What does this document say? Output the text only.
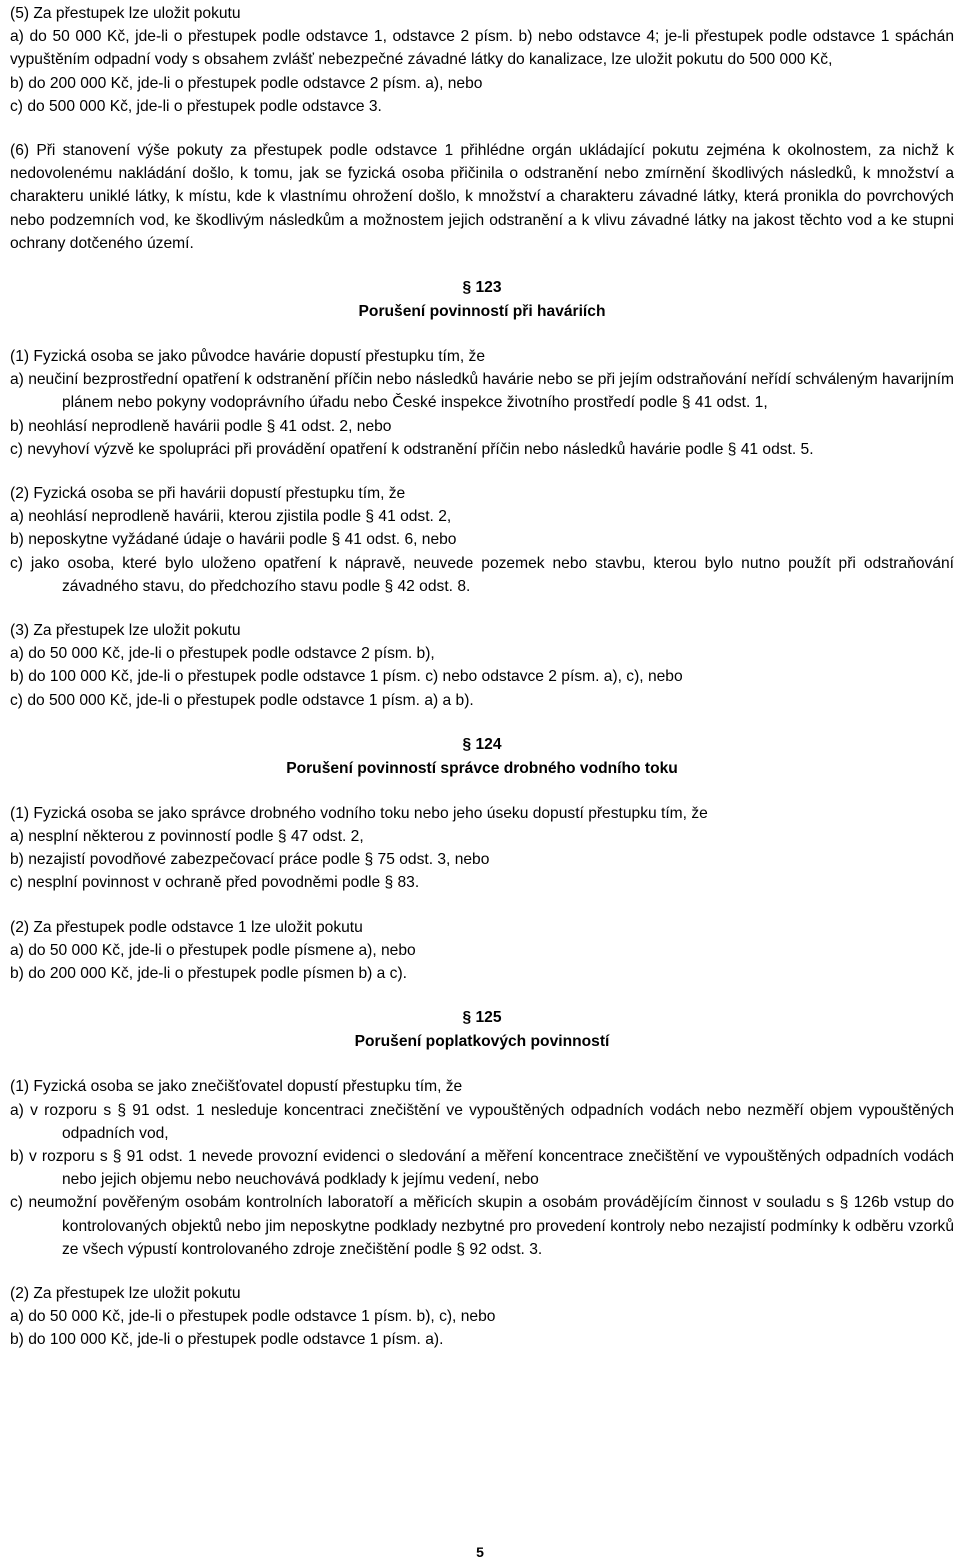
(5) Za přestupek lze uložit pokutu

a) do 50 000 Kč, jde-li o přestupek podle odstavce 1, odstavce 2 písm. b) nebo odstavce 4; je-li přestupek podle odstavce 1 spáchán vypuštěním odpadní vody s obsahem zvlášť nebezpečné závadné látky do kanalizace, lze uložit pokutu do 500 000 Kč,

b) do 200 000 Kč, jde-li o přestupek podle odstavce 2 písm. a), nebo

c) do 500 000 Kč, jde-li o přestupek podle odstavce 3.

(6) Při stanovení výše pokuty za přestupek podle odstavce 1 přihlédne orgán ukládající pokutu zejména k okolnostem, za nichž k nedovolenému nakládání došlo, k tomu, jak se fyzická osoba přičinila o odstranění nebo zmírnění škodlivých následků, k množství a charakteru uniklé látky, k místu, kde k vlastnímu ohrožení došlo, k množství a charakteru závadné látky, která pronikla do povrchových nebo podzemních vod, ke škodlivým následkům a možnostem jejich odstranění a k vlivu závadné látky na jakost těchto vod a ke stupni ochrany dotčeného území.

§ 123

Porušení povinností při haváriích

(1) Fyzická osoba se jako původce havárie dopustí přestupku tím, že

a) neučiní bezprostřední opatření k odstranění příčin nebo následků havárie nebo se při jejím odstraňování neřídí schváleným havarijním plánem nebo pokyny vodoprávního úřadu nebo České inspekce životního prostředí podle § 41 odst. 1,

b) neohlásí neprodleně havárii podle § 41 odst. 2, nebo

c) nevyhoví výzvě ke spolupráci při provádění opatření k odstranění příčin nebo následků havárie podle § 41 odst. 5.

(2) Fyzická osoba se při havárii dopustí přestupku tím, že

a) neohlásí neprodleně havárii, kterou zjistila podle § 41 odst. 2,

b) neposkytne vyžádané údaje o havárii podle § 41 odst. 6, nebo

c) jako osoba, které bylo uloženo opatření k nápravě, neuvede pozemek nebo stavbu, kterou bylo nutno použít při odstraňování závadného stavu, do předchozího stavu podle § 42 odst. 8.

(3) Za přestupek lze uložit pokutu

a) do 50 000 Kč, jde-li o přestupek podle odstavce 2 písm. b),

b) do 100 000 Kč, jde-li o přestupek podle odstavce 1 písm. c) nebo odstavce 2 písm. a), c), nebo

c) do 500 000 Kč, jde-li o přestupek podle odstavce 1 písm. a) a b).

§ 124

Porušení povinností správce drobného vodního toku

(1) Fyzická osoba se jako správce drobného vodního toku nebo jeho úseku dopustí přestupku tím, že

a) nesplní některou z povinností podle § 47 odst. 2,

b) nezajistí povodňové zabezpečovací práce podle § 75 odst. 3, nebo

c) nesplní povinnost v ochraně před povodněmi podle § 83.

(2) Za přestupek podle odstavce 1 lze uložit pokutu

a) do 50 000 Kč, jde-li o přestupek podle písmene a), nebo

b) do 200 000 Kč, jde-li o přestupek podle písmen b) a c).

§ 125

Porušení poplatkových povinností

(1) Fyzická osoba se jako znečišťovatel dopustí přestupku tím, že

a) v rozporu s § 91 odst. 1 nesleduje koncentraci znečištění ve vypouštěných odpadních vodách nebo nezměří objem vypouštěných odpadních vod,

b) v rozporu s § 91 odst. 1 nevede provozní evidenci o sledování a měření koncentrace znečištění ve vypouštěných odpadních vodách nebo jejich objemu nebo neuchovává podklady k jejímu vedení, nebo

c) neumožní pověřeným osobám kontrolních laboratoří a měřicích skupin a osobám provádějícím činnost v souladu s § 126b vstup do kontrolovaných objektů nebo jim neposkytne podklady nezbytné pro provedení kontroly nebo nezajistí podmínky k odběru vzorků ze všech výpustí kontrolovaného zdroje znečištění podle § 92 odst. 3.

(2) Za přestupek lze uložit pokutu

a) do 50 000 Kč, jde-li o přestupek podle odstavce 1 písm. b), c), nebo

b) do 100 000 Kč, jde-li o přestupek podle odstavce 1 písm. a).

5
